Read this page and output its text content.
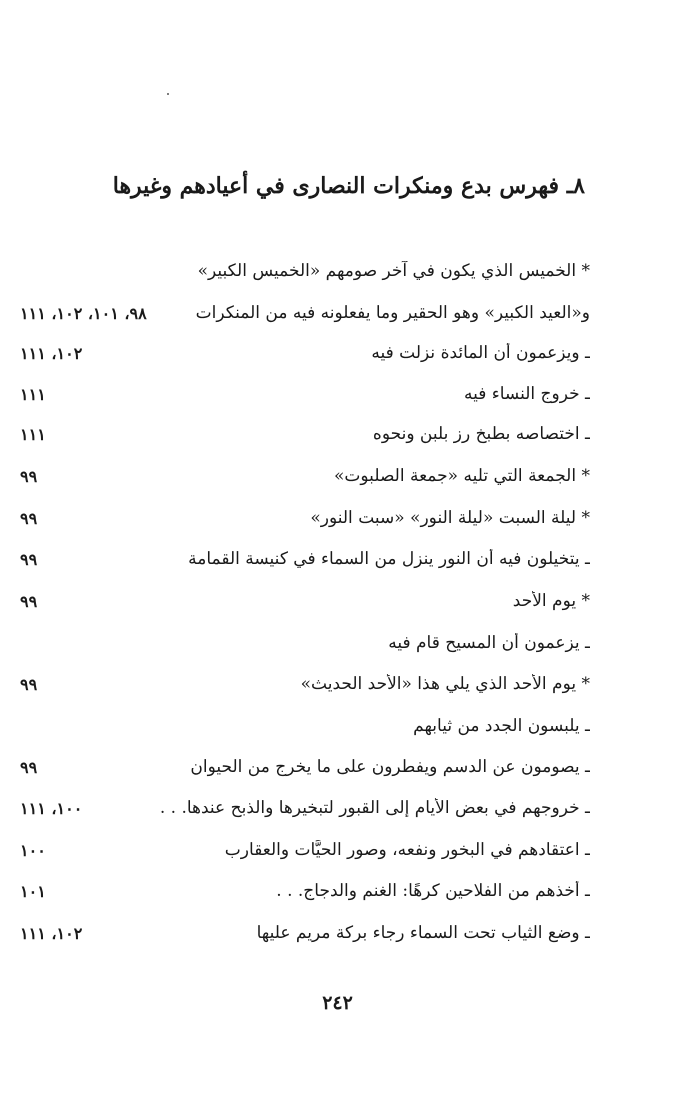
٨ـ فهرس بدع ومنكرات النصارى في أعيادهم وغيرها
* الخميس الذي يكون في آخر صومهم «الخميس الكبير»
و«العيد الكبير» وهو الحقير وما يفعلونه فيه من المنكرات
٩٨، ١٠١، ١٠٢، ١١١
ـ ويزعمون أن المائدة نزلت فيه
١٠٢، ١١١
ـ خروج النساء فيه
١١١
ـ اختصاصه بطبخ رز بلبن ونحوه
١١١
* الجمعة التي تليه «جمعة الصلبوت»
٩٩
* ليلة السبت «ليلة النور» «سبت النور»
٩٩
ـ يتخيلون فيه أن النور ينزل من السماء في كنيسة القمامة
٩٩
* يوم الأحد
٩٩
ـ يزعمون أن المسيح قام فيه
* يوم الأحد الذي يلي هذا «الأحد الحديث»
٩٩
ـ يلبسون الجدد من ثيابهم
ـ يصومون عن الدسم ويفطرون على ما يخرج من الحيوان
٩٩
ـ خروجهم في بعض الأيام إلى القبور لتبخيرها والذبح عندها. . .
١٠٠، ١١١
ـ اعتقادهم في البخور ونفعه، وصور الحيَّات والعقارب
١٠٠
ـ أخذهم من الفلاحين كرهًا: الغنم والدجاج. . .
١٠١
ـ وضع الثياب تحت السماء رجاء بركة مريم عليها
١٠٢، ١١١
٢٤٢
